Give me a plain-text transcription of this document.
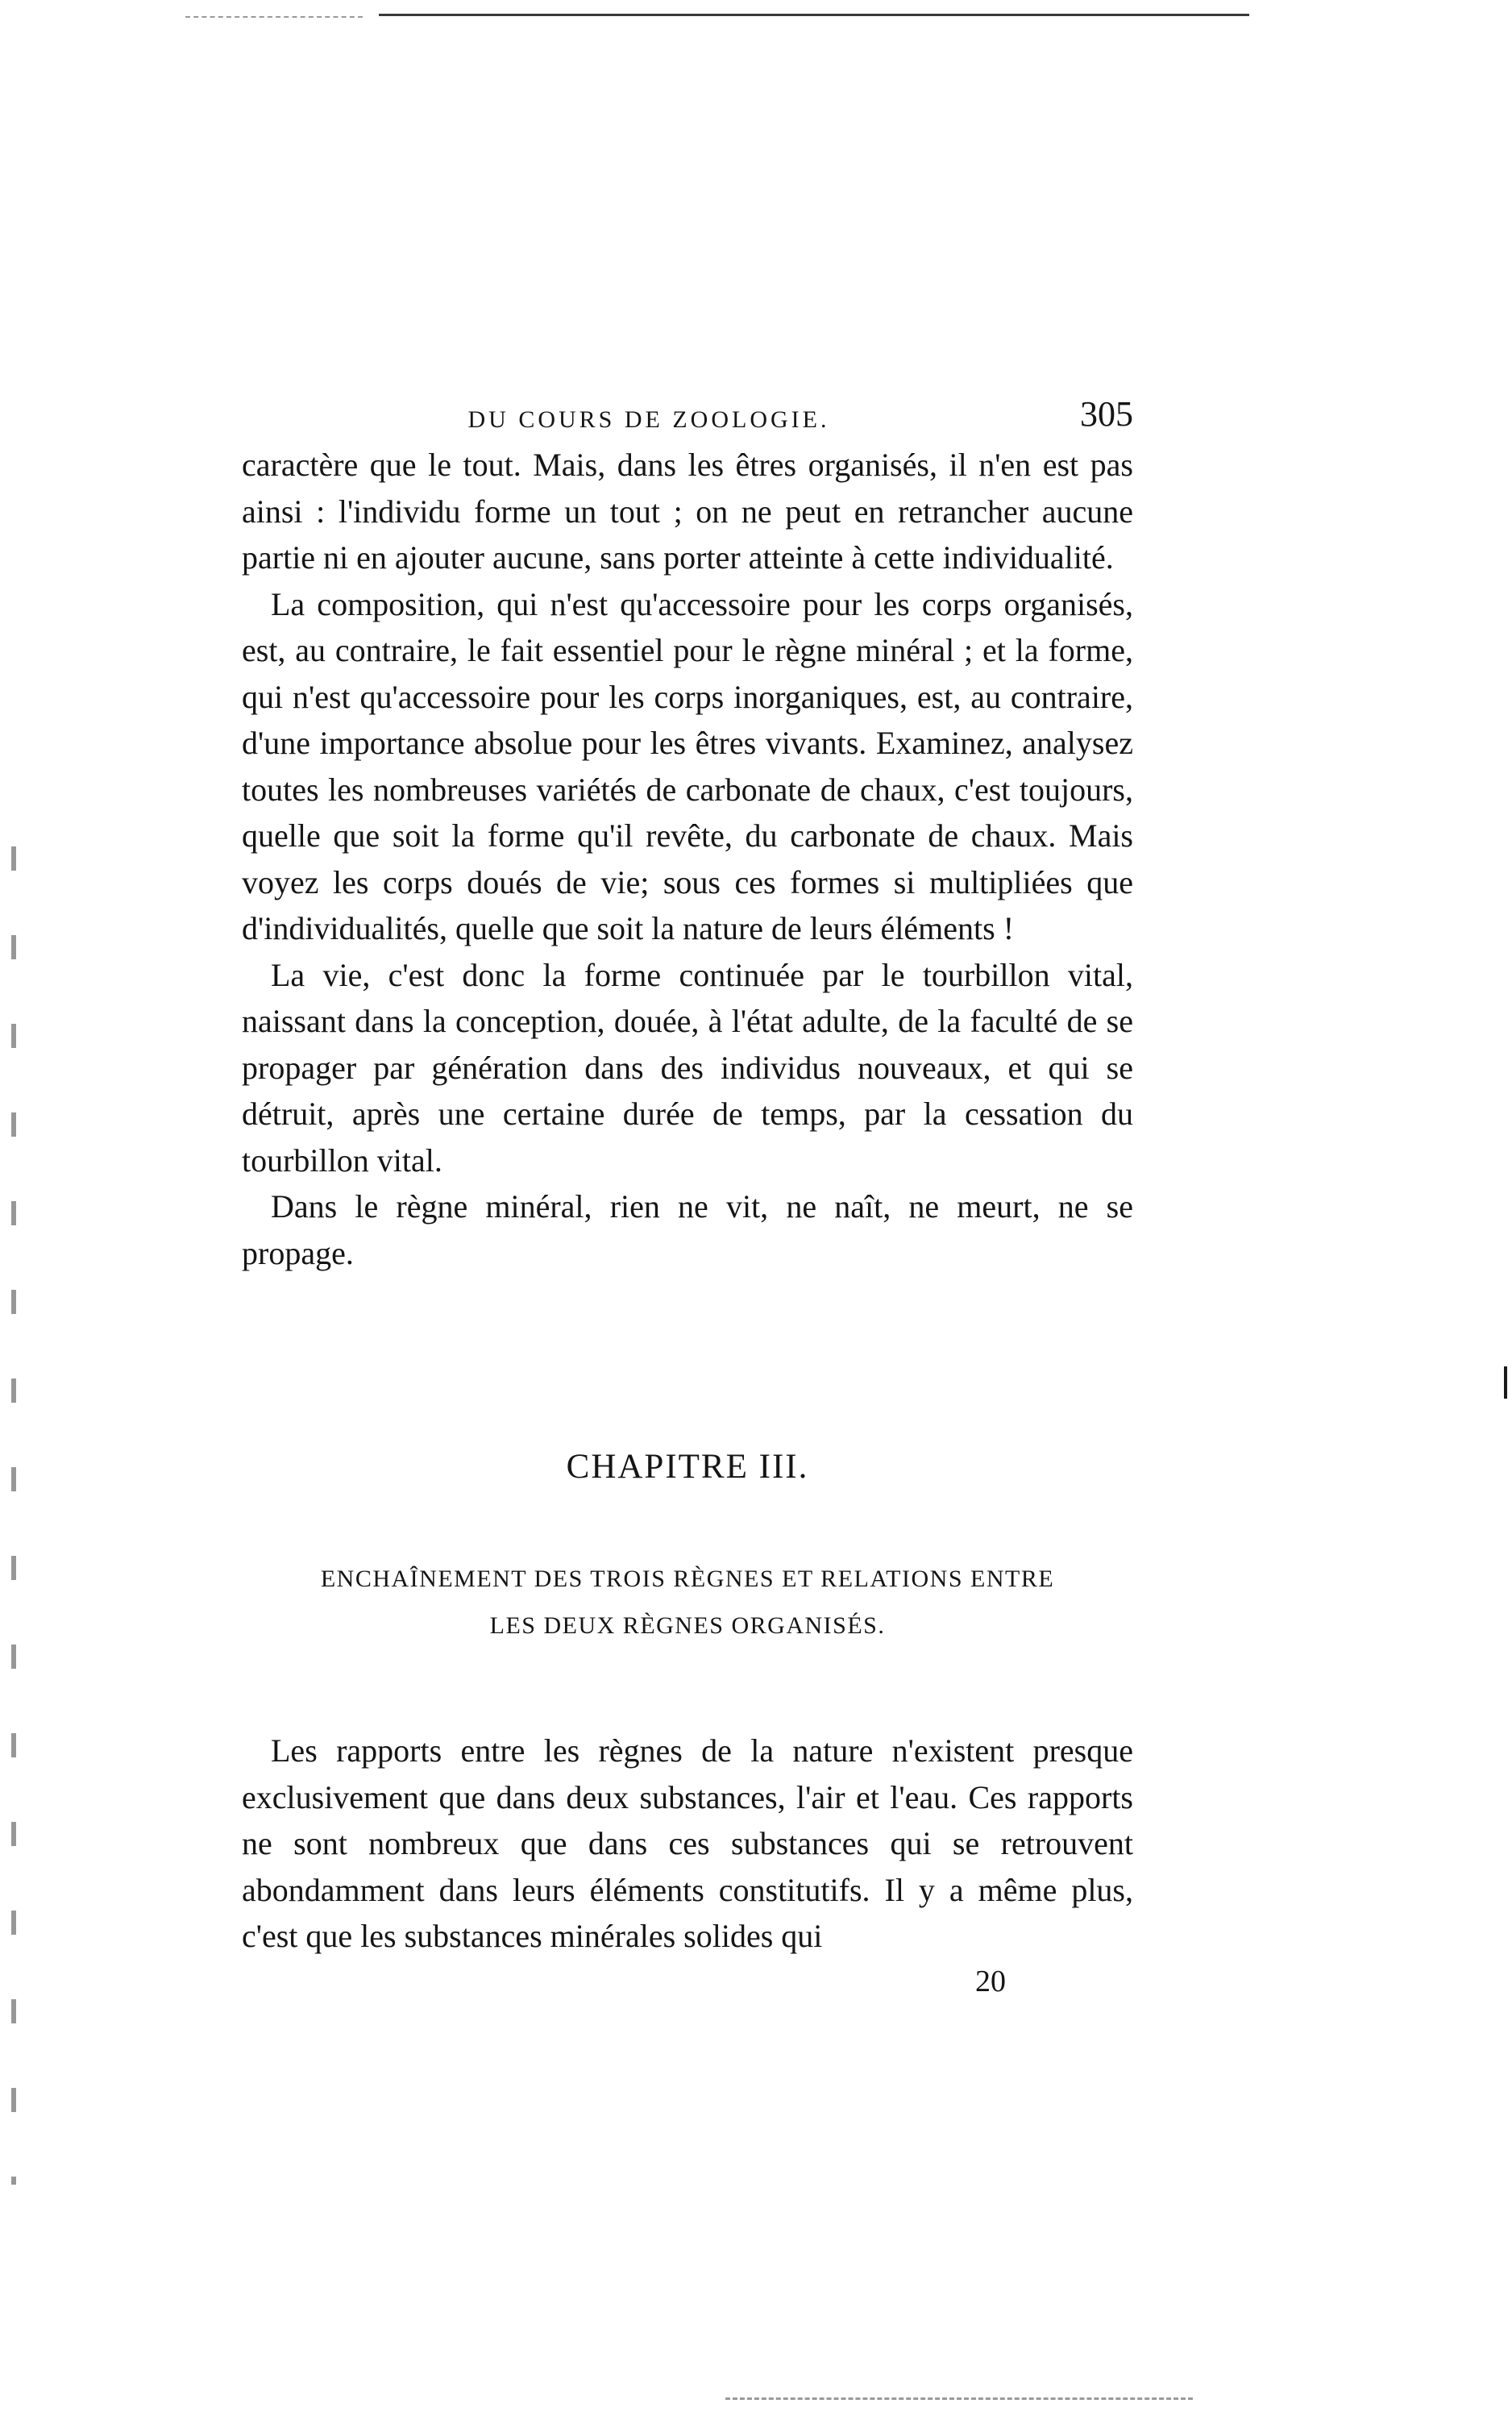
DU COURS DE ZOOLOGIE.	305

caractère que le tout. Mais, dans les êtres organisés, il n'en est pas ainsi : l'individu forme un tout ; on ne peut en retrancher aucune partie ni en ajouter aucune, sans porter atteinte à cette individualité.

La composition, qui n'est qu'accessoire pour les corps organisés, est, au contraire, le fait essentiel pour le règne minéral ; et la forme, qui n'est qu'accessoire pour les corps inorganiques, est, au contraire, d'une importance absolue pour les êtres vivants. Examinez, analysez toutes les nombreuses variétés de carbonate de chaux, c'est toujours, quelle que soit la forme qu'il revête, du carbonate de chaux. Mais voyez les corps doués de vie; sous ces formes si multipliées que d'individualités, quelle que soit la nature de leurs éléments !

La vie, c'est donc la forme continuée par le tourbillon vital, naissant dans la conception, douée, à l'état adulte, de la faculté de se propager par génération dans des individus nouveaux, et qui se détruit, après une certaine durée de temps, par la cessation du tourbillon vital.

Dans le règne minéral, rien ne vit, ne naît, ne meurt, ne se propage.

CHAPITRE III.
ENCHAÎNEMENT DES TROIS RÈGNES ET RELATIONS ENTRE
LES DEUX RÈGNES ORGANISÉS.

Les rapports entre les règnes de la nature n'existent presque exclusivement que dans deux substances, l'air et l'eau. Ces rapports ne sont nombreux que dans ces substances qui se retrouvent abondamment dans leurs éléments constitutifs. Il y a même plus, c'est que les substances minérales solides qui

20
